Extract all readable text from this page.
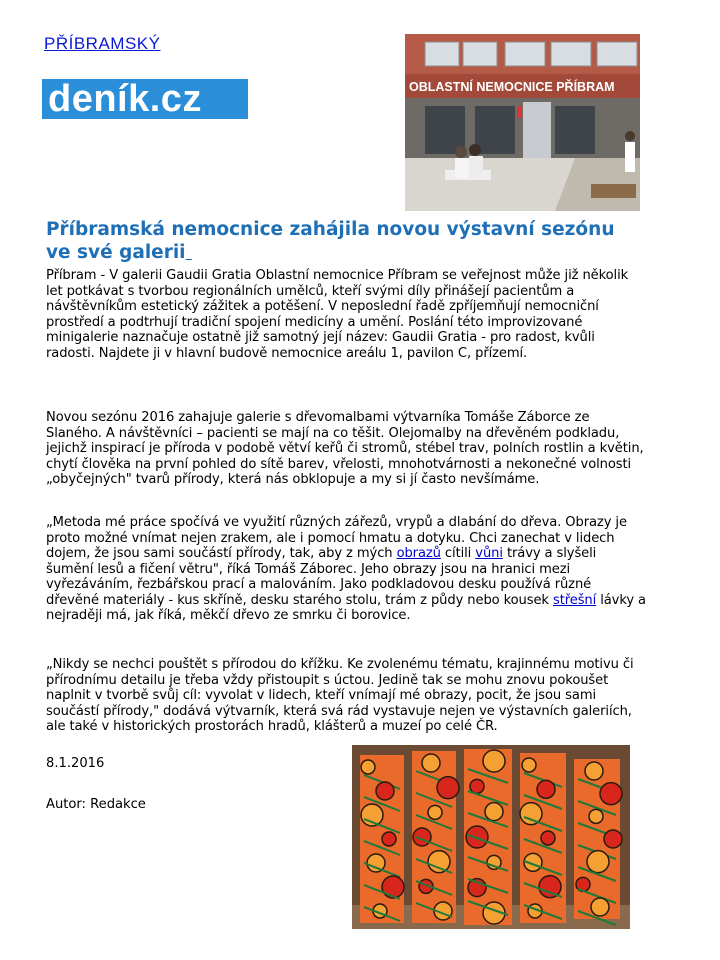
PŘÍBRAMSKÝ
deník.cz	OBLASTNÍ NEMOCNICE PŘÍBRAM
Příbramská nemocnice zahájila novou výstavní sezónu ve své galerii
Příbram - V galerii Gaudii Gratia Oblastní nemocnice Příbram se veřejnost může již několik let potkávat s tvorbou regionálních umělců, kteří svými díly přinášejí pacientům a návštěvníkům estetický zážitek a potěšení. V neposlední řadě zpříjemňují nemocniční prostředí a podtrhují tradiční spojení medicíny a umění. Poslání této improvizované minigalerie naznačuje ostatně již samotný její název: Gaudii Gratia - pro radost, kvůli radosti. Najdete ji v hlavní budově nemocnice areálu 1, pavilon C, přízemí.
Novou sezónu 2016 zahajuje galerie s dřevomalbami výtvarníka Tomáše Záborce ze Slaného. A návštěvníci – pacienti se mají na co těšit. Olejomalby na dřevěném podkladu, jejichž inspirací je příroda v podobě větví keřů či stromů, stébel trav, polních rostlin a květin, chytí člověka na první pohled do sítě barev, vřelosti, mnohotvárnosti a nekonečné volnosti „obyčejných" tvarů přírody, která nás obklopuje a my si jí často nevšímáme.
„Metoda mé práce spočívá ve využití různých zářezů, vrypů a dlabání do dřeva. Obrazy je proto možné vnímat nejen zrakem, ale i pomocí hmatu a dotyku. Chci zanechat v lidech dojem, že jsou sami součástí přírody, tak, aby z mých obrazů cítili vůni trávy a slyšeli šumění lesů a fičení větru", říká Tomáš Záborec. Jeho obrazy jsou na hranici mezi vyřezáváním, řezbářskou prací a malováním. Jako podkladovou desku používá různé dřevěné materiály - kus skříně, desku starého stolu, trám z půdy nebo kousek střešní lávky a nejraději má, jak říká, měkčí dřevo ze smrku či borovice.
„Nikdy se nechci pouštět s přírodou do křížku. Ke zvolenému tématu, krajinnému motivu či přírodnímu detailu je třeba vždy přistoupit s úctou. Jedině tak se mohu znovu pokoušet naplnit v tvorbě svůj cíl: vyvolat v lidech, kteří vnímají mé obrazy, pocit, že jsou sami součástí přírody," dodává výtvarník, která svá rád vystavuje nejen ve výstavních galeriích, ale také v historických prostorách hradů, klášterů a muzeí po celé ČR.
8.1.2016
Autor: Redakce
